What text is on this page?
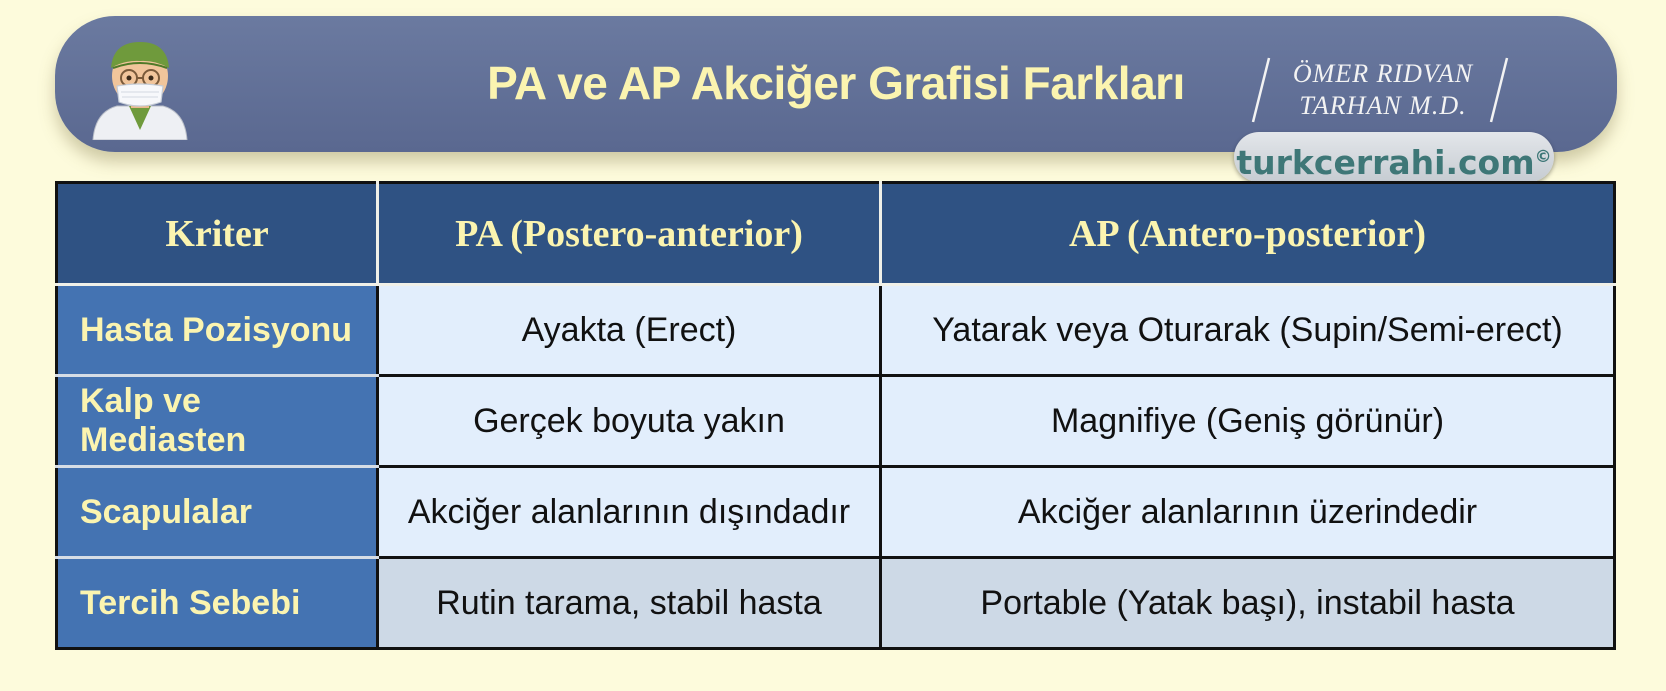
PA ve AP Akciğer Grafisi Farkları	ÖMER RIDVAN
TARHAN M.D.
turkcerrahi.com©
Kriter	PA (Postero-anterior)	AP (Antero-posterior)
Hasta Pozisyonu	Ayakta (Erect)	Yatarak veya Oturarak (Supin/Semi-erect)
Kalp ve Mediasten	Gerçek boyuta yakın	Magnifiye (Geniş görünür)
Scapulalar	Akciğer alanlarının dışındadır	Akciğer alanlarının üzerindedir
Tercih Sebebi	Rutin tarama, stabil hasta	Portable (Yatak başı), instabil hasta
